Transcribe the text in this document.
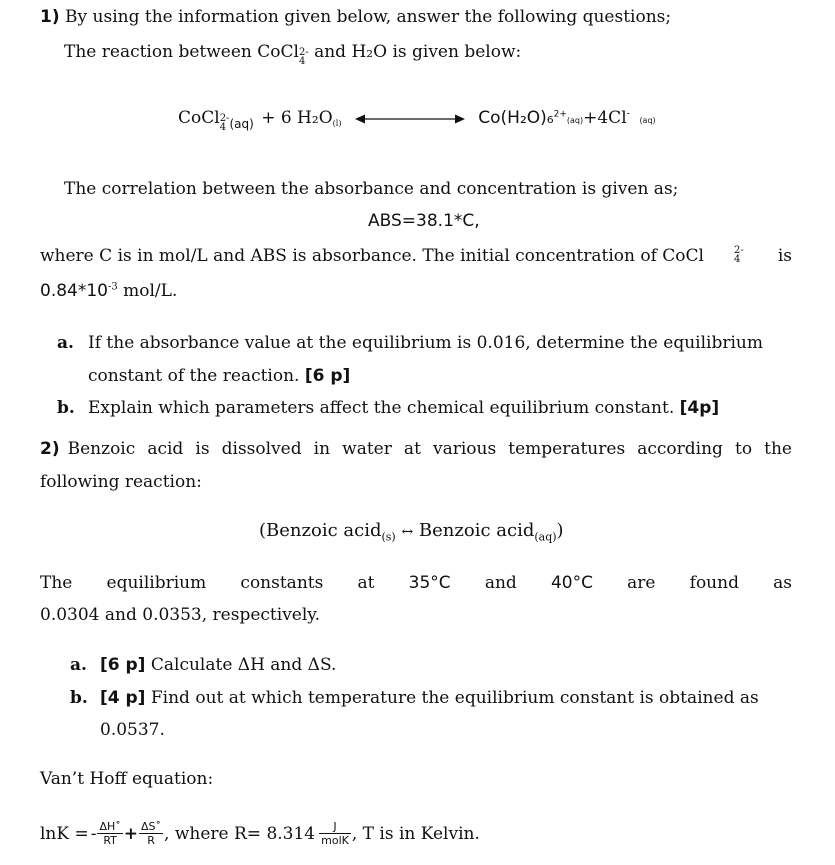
1) By using the information given below, answer the following questions;
The reaction between CoCl 2-
4 and H₂O is given below:
CoCl 2-
4 $_{(aq)}$ + 6 H₂O(l)	Co(H₂O)₆$^{2+}$(aq)+4Cl- (aq)
The correlation between the absorbance and concentration is given as;
ABS=38.1*C,
where C is in mol/L and ABS is absorbance. The initial concentration of CoCl	2-
4 is
$0.84*10^{-3}$ mol/L.
a. If the absorbance value at the equilibrium is 0.016, determine the equilibrium
constant of the reaction. [6 p]
b. Explain which parameters affect the chemical equilibrium constant. [4p]
2) Benzoic acid is dissolved in water at various temperatures according to the
following reaction:
(Benzoic acid$_{(s)}$ ↔ Benzoic acid$_{(aq)}$)
The equilibrium constants at 35°C and 40°C are found as
0.0304 and 0.0353, respectively.
a. [6 p] Calculate ΔH and ΔS.
b. [4 p] Find out at which temperature the equilibrium constant is obtained as
0.0537.
Van’t Hoff equation:
lnK = - $\frac{\Delta H˚}{RT} + \frac{\Delta S˚}{R}$ , where $R= 8.314 \frac{J}{\text{molK}}$ , T is in Kelvin.
